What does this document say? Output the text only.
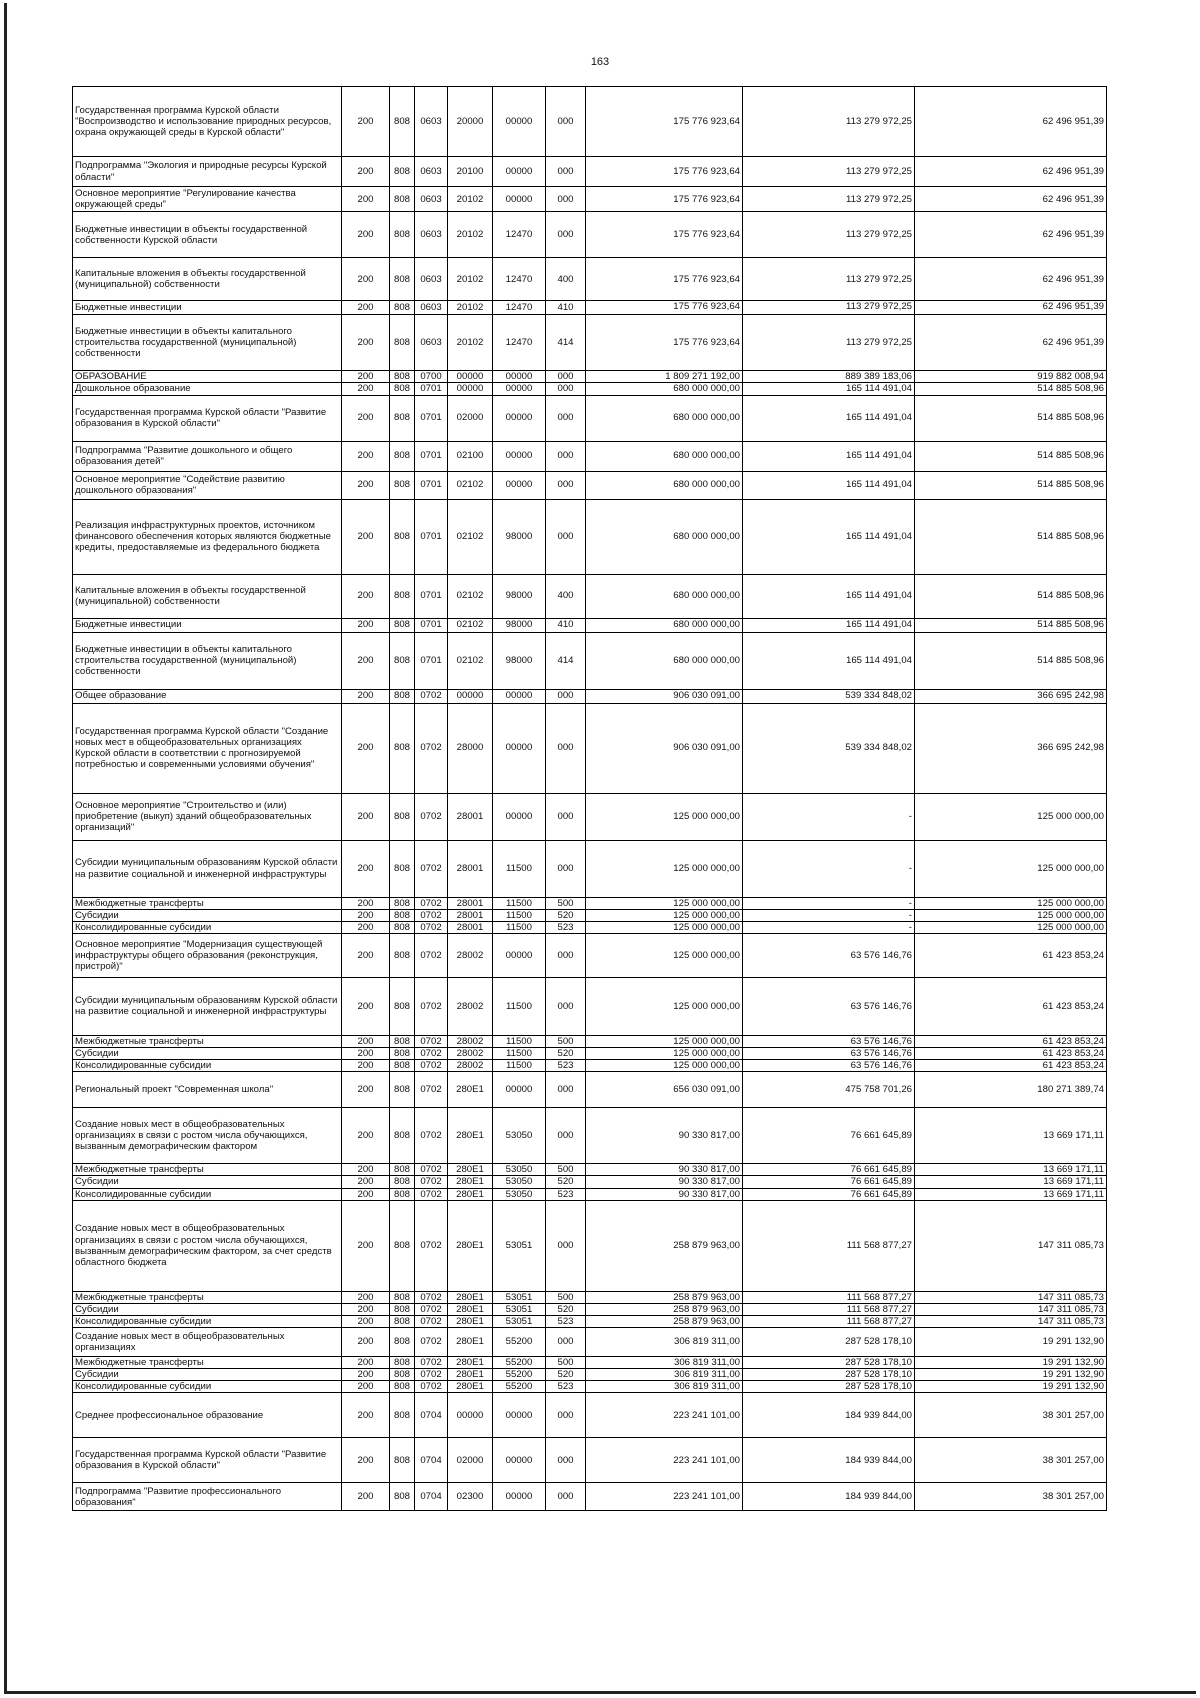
163
Государственная программа Курской области "Воспроизводство и использование природных ресурсов, охрана окружающей среды в Курской области"	200	808	0603	20000	00000	000	175 776 923,64	113 279 972,25	62 496 951,39
Подпрограмма "Экология и природные ресурсы Курской области"	200	808	0603	20100	00000	000	175 776 923,64	113 279 972,25	62 496 951,39
Основное мероприятие "Регулирование качества окружающей среды"	200	808	0603	20102	00000	000	175 776 923,64	113 279 972,25	62 496 951,39
Бюджетные инвестиции в объекты государственной собственности Курской области	200	808	0603	20102	12470	000	175 776 923,64	113 279 972,25	62 496 951,39
Капитальные вложения в объекты государственной (муниципальной) собственности	200	808	0603	20102	12470	400	175 776 923,64	113 279 972,25	62 496 951,39
Бюджетные инвестиции	200	808	0603	20102	12470	410	175 776 923,64	113 279 972,25	62 496 951,39
Бюджетные инвестиции в объекты капитального строительства государственной (муниципальной) собственности	200	808	0603	20102	12470	414	175 776 923,64	113 279 972,25	62 496 951,39
ОБРАЗОВАНИЕ	200	808	0700	00000	00000	000	1 809 271 192,00	889 389 183,06	919 882 008,94
Дошкольное образование	200	808	0701	00000	00000	000	680 000 000,00	165 114 491,04	514 885 508,96
Государственная программа Курской области "Развитие образования в Курской области"	200	808	0701	02000	00000	000	680 000 000,00	165 114 491,04	514 885 508,96
Подпрограмма "Развитие дошкольного и общего образования детей"	200	808	0701	02100	00000	000	680 000 000,00	165 114 491,04	514 885 508,96
Основное мероприятие "Содействие развитию дошкольного образования"	200	808	0701	02102	00000	000	680 000 000,00	165 114 491,04	514 885 508,96
Реализация инфраструктурных проектов, источником финансового обеспечения которых являются бюджетные кредиты, предоставляемые из федерального бюджета	200	808	0701	02102	98000	000	680 000 000,00	165 114 491,04	514 885 508,96
Капитальные вложения в объекты государственной (муниципальной) собственности	200	808	0701	02102	98000	400	680 000 000,00	165 114 491,04	514 885 508,96
Бюджетные инвестиции	200	808	0701	02102	98000	410	680 000 000,00	165 114 491,04	514 885 508,96
Бюджетные инвестиции в объекты капитального строительства государственной (муниципальной) собственности	200	808	0701	02102	98000	414	680 000 000,00	165 114 491,04	514 885 508,96
Общее образование	200	808	0702	00000	00000	000	906 030 091,00	539 334 848,02	366 695 242,98
Государственная программа Курской области "Создание новых мест в общеобразовательных организациях Курской области в соответствии с прогнозируемой потребностью и современными условиями обучения"	200	808	0702	28000	00000	000	906 030 091,00	539 334 848,02	366 695 242,98
Основное мероприятие "Строительство и (или) приобретение (выкуп) зданий общеобразовательных организаций"	200	808	0702	28001	00000	000	125 000 000,00	-	125 000 000,00
Субсидии муниципальным образованиям Курской области на развитие социальной и инженерной инфраструктуры	200	808	0702	28001	11500	000	125 000 000,00	-	125 000 000,00
Межбюджетные трансферты	200	808	0702	28001	11500	500	125 000 000,00	-	125 000 000,00
Субсидии	200	808	0702	28001	11500	520	125 000 000,00	-	125 000 000,00
Консолидированные субсидии	200	808	0702	28001	11500	523	125 000 000,00	-	125 000 000,00
Основное мероприятие "Модернизация существующей инфраструктуры общего образования (реконструкция, пристрой)"	200	808	0702	28002	00000	000	125 000 000,00	63 576 146,76	61 423 853,24
Субсидии муниципальным образованиям Курской области на развитие социальной и инженерной инфраструктуры	200	808	0702	28002	11500	000	125 000 000,00	63 576 146,76	61 423 853,24
Межбюджетные трансферты	200	808	0702	28002	11500	500	125 000 000,00	63 576 146,76	61 423 853,24
Субсидии	200	808	0702	28002	11500	520	125 000 000,00	63 576 146,76	61 423 853,24
Консолидированные субсидии	200	808	0702	28002	11500	523	125 000 000,00	63 576 146,76	61 423 853,24
Региональный проект "Современная школа"	200	808	0702	280E1	00000	000	656 030 091,00	475 758 701,26	180 271 389,74
Создание новых мест в общеобразовательных организациях в связи с ростом числа обучающихся, вызванным демографическим фактором	200	808	0702	280E1	53050	000	90 330 817,00	76 661 645,89	13 669 171,11
Межбюджетные трансферты	200	808	0702	280E1	53050	500	90 330 817,00	76 661 645,89	13 669 171,11
Субсидии	200	808	0702	280E1	53050	520	90 330 817,00	76 661 645,89	13 669 171,11
Консолидированные субсидии	200	808	0702	280E1	53050	523	90 330 817,00	76 661 645,89	13 669 171,11
Создание новых мест в общеобразовательных организациях в связи с ростом числа обучающихся, вызванным демографическим фактором, за счет средств областного бюджета	200	808	0702	280E1	53051	000	258 879 963,00	111 568 877,27	147 311 085,73
Межбюджетные трансферты	200	808	0702	280E1	53051	500	258 879 963,00	111 568 877,27	147 311 085,73
Субсидии	200	808	0702	280E1	53051	520	258 879 963,00	111 568 877,27	147 311 085,73
Консолидированные субсидии	200	808	0702	280E1	53051	523	258 879 963,00	111 568 877,27	147 311 085,73
Создание новых мест в общеобразовательных организациях	200	808	0702	280E1	55200	000	306 819 311,00	287 528 178,10	19 291 132,90
Межбюджетные трансферты	200	808	0702	280E1	55200	500	306 819 311,00	287 528 178,10	19 291 132,90
Субсидии	200	808	0702	280E1	55200	520	306 819 311,00	287 528 178,10	19 291 132,90
Консолидированные субсидии	200	808	0702	280E1	55200	523	306 819 311,00	287 528 178,10	19 291 132,90
Среднее профессиональное образование	200	808	0704	00000	00000	000	223 241 101,00	184 939 844,00	38 301 257,00
Государственная программа Курской области "Развитие образования в Курской области"	200	808	0704	02000	00000	000	223 241 101,00	184 939 844,00	38 301 257,00
Подпрограмма "Развитие профессионального образования"	200	808	0704	02300	00000	000	223 241 101,00	184 939 844,00	38 301 257,00
